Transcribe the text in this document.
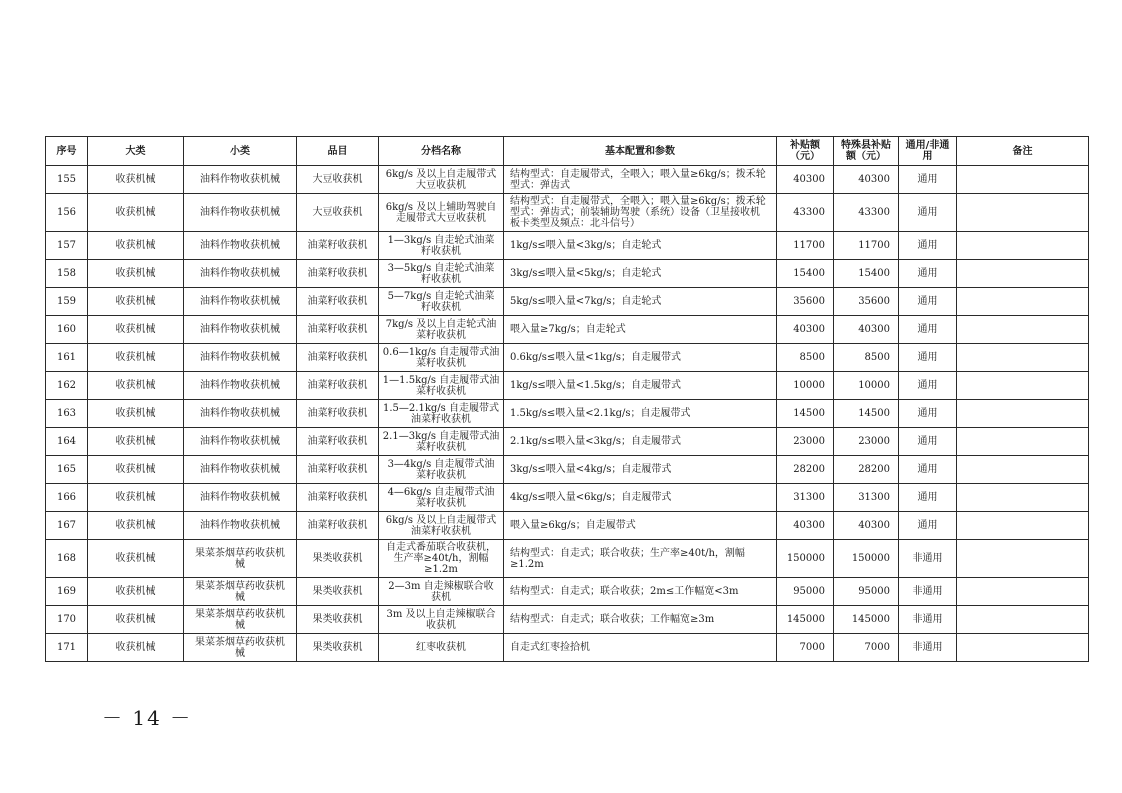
序号	大类	小类	品目	分档名称	基本配置和参数	补贴额
（元）	特殊县补贴
额（元）	通用/非通
用	备注
155	收获机械	油料作物收获机械	大豆收获机	6kg/s 及以上自走履带式
大豆收获机	结构型式：自走履带式，全喂入；喂入量≥6kg/s；拨禾轮
型式：弹齿式	40300	40300	通用	
156	收获机械	油料作物收获机械	大豆收获机	6kg/s 及以上辅助驾驶自
走履带式大豆收获机	结构型式：自走履带式，全喂入；喂入量≥6kg/s；拨禾轮
型式：弹齿式；前装辅助驾驶（系统）设备（卫星接收机
板卡类型及频点：北斗信号）	43300	43300	通用	
157	收获机械	油料作物收获机械	油菜籽收获机	1—3kg/s 自走轮式油菜
籽收获机	1kg/s≤喂入量<3kg/s；自走轮式	11700	11700	通用	
158	收获机械	油料作物收获机械	油菜籽收获机	3—5kg/s 自走轮式油菜
籽收获机	3kg/s≤喂入量<5kg/s；自走轮式	15400	15400	通用	
159	收获机械	油料作物收获机械	油菜籽收获机	5—7kg/s 自走轮式油菜
籽收获机	5kg/s≤喂入量<7kg/s；自走轮式	35600	35600	通用	
160	收获机械	油料作物收获机械	油菜籽收获机	7kg/s 及以上自走轮式油
菜籽收获机	喂入量≥7kg/s；自走轮式	40300	40300	通用	
161	收获机械	油料作物收获机械	油菜籽收获机	0.6—1kg/s 自走履带式油
菜籽收获机	0.6kg/s≤喂入量<1kg/s；自走履带式	8500	8500	通用	
162	收获机械	油料作物收获机械	油菜籽收获机	1—1.5kg/s 自走履带式油
菜籽收获机	1kg/s≤喂入量<1.5kg/s；自走履带式	10000	10000	通用	
163	收获机械	油料作物收获机械	油菜籽收获机	1.5—2.1kg/s 自走履带式
油菜籽收获机	1.5kg/s≤喂入量<2.1kg/s；自走履带式	14500	14500	通用	
164	收获机械	油料作物收获机械	油菜籽收获机	2.1—3kg/s 自走履带式油
菜籽收获机	2.1kg/s≤喂入量<3kg/s；自走履带式	23000	23000	通用	
165	收获机械	油料作物收获机械	油菜籽收获机	3—4kg/s 自走履带式油
菜籽收获机	3kg/s≤喂入量<4kg/s；自走履带式	28200	28200	通用	
166	收获机械	油料作物收获机械	油菜籽收获机	4—6kg/s 自走履带式油
菜籽收获机	4kg/s≤喂入量<6kg/s；自走履带式	31300	31300	通用	
167	收获机械	油料作物收获机械	油菜籽收获机	6kg/s 及以上自走履带式
油菜籽收获机	喂入量≥6kg/s；自走履带式	40300	40300	通用	
168	收获机械	果菜茶烟草药收获机
械	果类收获机	自走式番茄联合收获机，
生产率≥40t/h，割幅
≥1.2m	结构型式：自走式；联合收获；生产率≥40t/h，割幅≥1.2m	150000	150000	非通用	
169	收获机械	果菜茶烟草药收获机
械	果类收获机	2—3m 自走辣椒联合收
获机	结构型式：自走式；联合收获；2m≤工作幅宽<3m	95000	95000	非通用	
170	收获机械	果菜茶烟草药收获机
械	果类收获机	3m 及以上自走辣椒联合
收获机	结构型式：自走式；联合收获；工作幅宽≥3m	145000	145000	非通用	
171	收获机械	果菜茶烟草药收获机
械	果类收获机	红枣收获机	自走式红枣捡拾机	7000	7000	非通用	
－ 14 －
